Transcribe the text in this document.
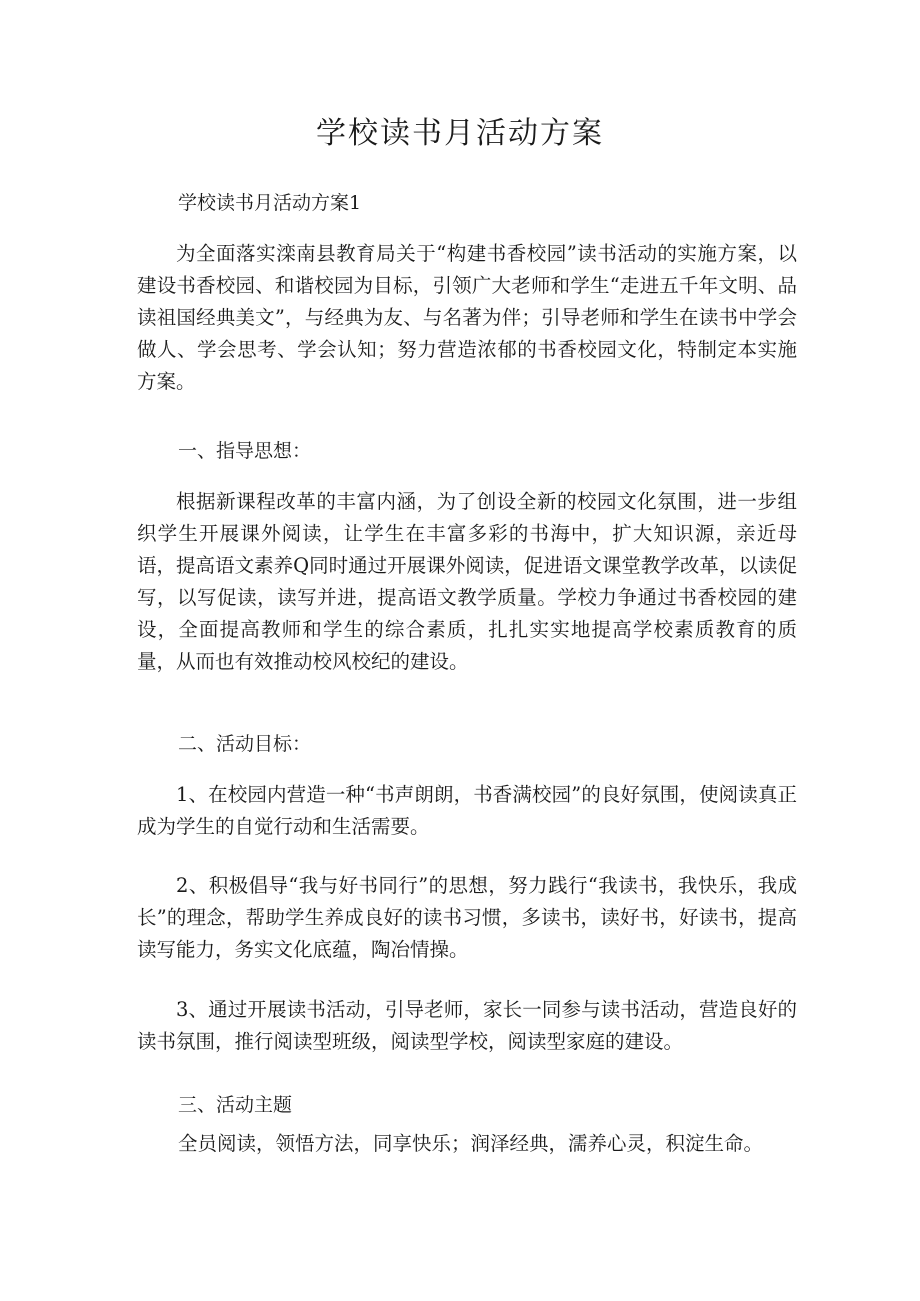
学校读书月活动方案
学校读书月活动方案1

为全面落实滦南县教育局关于“构建书香校园”读书活动的实施方案，以建设书香校园、和谐校园为目标，引领广大老师和学生“走进五千年文明、品读祖国经典美文”，与经典为友、与名著为伴；引导老师和学生在读书中学会做人、学会思考、学会认知；努力营造浓郁的书香校园文化，特制定本实施方案。

一、指导思想：

根据新课程改革的丰富内涵，为了创设全新的校园文化氛围，进一步组织学生开展课外阅读，让学生在丰富多彩的书海中，扩大知识源，亲近母语，提高语文素养Q同时通过开展课外阅读，促进语文课堂教学改革，以读促写，以写促读，读写并进，提高语文教学质量。学校力争通过书香校园的建设，全面提高教师和学生的综合素质，扎扎实实地提高学校素质教育的质量，从而也有效推动校风校纪的建设。

二、活动目标：

1、在校园内营造一种“书声朗朗，书香满校园”的良好氛围，使阅读真正成为学生的自觉行动和生活需要。

2、积极倡导“我与好书同行”的思想，努力践行“我读书，我快乐，我成长”的理念，帮助学生养成良好的读书习惯，多读书，读好书，好读书，提高读写能力，务实文化底蕴，陶冶情操。

3、通过开展读书活动，引导老师，家长一同参与读书活动，营造良好的读书氛围，推行阅读型班级，阅读型学校，阅读型家庭的建设。

三、活动主题

全员阅读，领悟方法，同享快乐；润泽经典，濡养心灵，积淀生命。
